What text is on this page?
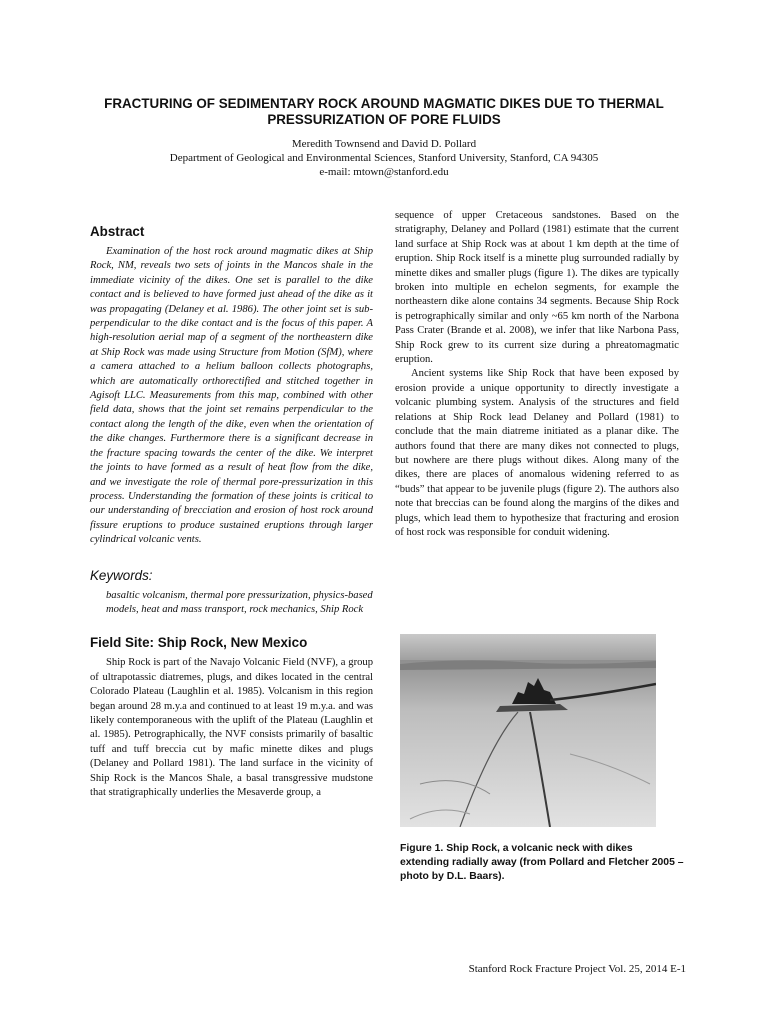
FRACTURING OF SEDIMENTARY ROCK AROUND MAGMATIC DIKES DUE TO THERMAL PRESSURIZATION OF PORE FLUIDS
Meredith Townsend and David D. Pollard
Department of Geological and Environmental Sciences, Stanford University, Stanford, CA 94305
e-mail: mtown@stanford.edu
Abstract

Examination of the host rock around magmatic dikes at Ship Rock, NM, reveals two sets of joints in the Mancos shale in the immediate vicinity of the dikes. One set is parallel to the dike contact and is believed to have formed just ahead of the dike as it was propagating (Delaney et al. 1986). The other joint set is sub-perpendicular to the dike contact and is the focus of this paper. A high-resolution aerial map of a segment of the northeastern dike at Ship Rock was made using Structure from Motion (SfM), where a camera attached to a helium balloon collects photographs, which are automatically orthorectified and stitched together in Agisoft LLC. Measurements from this map, combined with other field data, shows that the joint set remains perpendicular to the contact along the length of the dike, even when the orientation of the dike changes. Furthermore there is a significant decrease in the fracture spacing towards the center of the dike. We interpret the joints to have formed as a result of heat flow from the dike, and we investigate the role of thermal pore-pressurization in this process. Understanding the formation of these joints is critical to our understanding of brecciation and erosion of host rock around fissure eruptions to produce sustained eruptions through larger cylindrical volcanic vents.

Keywords:

basaltic volcanism, thermal pore pressurization, physics-based models, heat and mass transport, rock mechanics, Ship Rock

Field Site: Ship Rock, New Mexico

Ship Rock is part of the Navajo Volcanic Field (NVF), a group of ultrapotassic diatremes, plugs, and dikes located in the central Colorado Plateau (Laughlin et al. 1985). Volcanism in this region began around 28 m.y.a and continued to at least 19 m.y.a. and was likely contemporaneous with the uplift of the Plateau (Laughlin et al. 1985). Petrographically, the NVF consists primarily of basaltic tuff and tuff breccia cut by mafic minette dikes and plugs (Delaney and Pollard 1981). The land surface in the vicinity of Ship Rock is the Mancos Shale, a basal transgressive mudstone that stratigraphically underlies the Mesaverde group, a

sequence of upper Cretaceous sandstones. Based on the stratigraphy, Delaney and Pollard (1981) estimate that the current land surface at Ship Rock was at about 1 km depth at the time of eruption. Ship Rock itself is a minette plug surrounded radially by minette dikes and smaller plugs (figure 1). The dikes are typically broken into multiple en echelon segments, for example the northeastern dike alone contains 34 segments. Because Ship Rock is petrographically similar and only ~65 km north of the Narbona Pass Crater (Brande et al. 2008), we infer that like Narbona Pass, Ship Rock grew to its current size during a phreatomagmatic eruption.

Ancient systems like Ship Rock that have been exposed by erosion provide a unique opportunity to directly investigate a volcanic plumbing system. Analysis of the structures and field relations at Ship Rock lead Delaney and Pollard (1981) to conclude that the main diatreme initiated as a planar dike. The authors found that there are many dikes not connected to plugs, but nowhere are there plugs without dikes. Along many of the dikes, there are places of anomalous widening referred to as “buds” that appear to be juvenile plugs (figure 2). The authors also note that breccias can be found along the margins of the dikes and plugs, which lead them to hypothesize that fracturing and erosion of host rock was responsible for conduit widening.

Figure 1. Ship Rock, a volcanic neck with dikes extending radially away (from Pollard and Fletcher 2005 – photo by D.L. Baars).
Stanford Rock Fracture Project Vol. 25, 2014 E-1
